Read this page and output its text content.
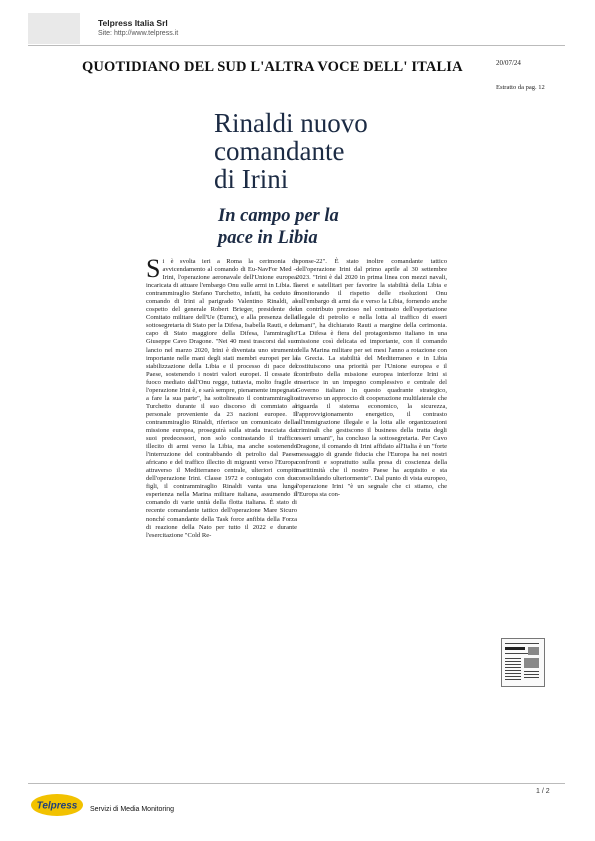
Telpress Italia Srl
Site: http://www.telpress.it
QUOTIDIANO DEL SUD L'ALTRA VOCE DELL' ITALIA	20/07/24
Estratto da pag. 12
Rinaldi nuovo
comandante
di Irini
In campo per la
pace in Libia
S i è svolta ieri a Roma la cerimonia di avvicendamento al comando di Eu-NavFor Med – Irini, l'operazione aeronavale dell'Unione europea incaricata di attuare l'embargo Onu sulle armi in Libia. Il contrammiraglio Stefano Turchetto, infatti, ha ceduto il comando di Irini al parigrado Valentino Rinaldi, al cospetto del generale Robert Brieger, presidente del Comitato militare dell'Ue (Eumc), e alla presenza della sottosegretaria di Stato per la Difesa, Isabella Rauti, e del capo di Stato maggiore della Difesa, l'ammiraglio Giuseppe Cavo Dragone. "Nei 40 mesi trascorsi dal suo lancio nel marzo 2020, Irini è diventata uno strumento importante nelle mani degli stati membri europei per la stabilizzazione della Libia e il processo di pace del Paese, sostenendo i nostri valori europei. Il cessate il fuoco mediato dall'Onu regge, tuttavia, molto fragile e l'operazione Irini è, e sarà sempre, pienamente impegnata a fare la sua parte", ha sottolineato il contrammiraglio Turchetto durante il suo discorso di commiato al personale proveniente da 23 nazioni europee. Il contrammiraglio Rinaldi, riferisce un comunicato della missione europea, proseguirà sulla strada tracciata dai suoi predecessori, non solo contrastando il traffico illecito di armi verso la Libia, ma anche sostenendo l'interruzione del contrabbando di petrolio dal Paese africano e del traffico illecito di migranti verso l'Europa attraverso il Mediterraneo centrale, ulteriori compiti dell'operazione Irini. Classe 1972 e coniugato con due figli, il contrammiraglio Rinaldi vanta una lunga esperienza nella Marina militare italiana, assumendo il comando di varie unità della flotta italiana. È stato di recente comandante tattico dell'operazione Mare Sicuro nonché comandante della Task force anfibia della Forza di reazione della Nato per tutto il 2022 e durante l'esercitazione "Cold Re-
sponse-22". È stato inoltre comandante tattico dell'operazione Irini dal primo aprile al 30 settembre 2023. "Irini è dal 2020 in prima linea con mezzi navali, aerei e satellitari per favorire la stabilità della Libia e monitorando il rispetto delle risoluzioni Onu sull'embargo di armi da e verso la Libia, fornendo anche un contributo prezioso nel contrasto dell'esportazione illegale di petrolio e nella lotta al traffico di esseri umani", ha dichiarato Rauti a margine della cerimonia. "La Difesa è fiera del protagonismo italiano in una missione così delicata ed importante, con il comando della Marina militare per sei mesi l'anno a rotazione con la Grecia. La stabilità del Mediterraneo e in Libia costituiscono una priorità per l'Unione europea e il contributo della missione europea interforze Irini si inserisce in un impegno complessivo e centrale del Governo italiano in questo quadrante strategico, attraverso un approccio di cooperazione multilaterale che riguarda il sistema economico, la sicurezza, l'approvvigionamento energetico, il contrasto all'immigrazione illegale e la lotta alle organizzazioni criminali che gestiscono il business della tratta degli esseri umani", ha concluso la sottosegretaria. Per Cavo Dragone, il comando di Irini affidato all'Italia è un "forte messaggio di grande fiducia che l'Europa ha nei nostri confronti e soprattutto sulla presa di coscienza della marittimità che il nostro Paese ha acquisito e sta consolidando ulteriormente". Dal punto di vista europeo, l'operazione Irini "è un segnale che ci stiamo, che l'Europa sta con-
1 / 2
Telpress Servizi di Media Monitoring
